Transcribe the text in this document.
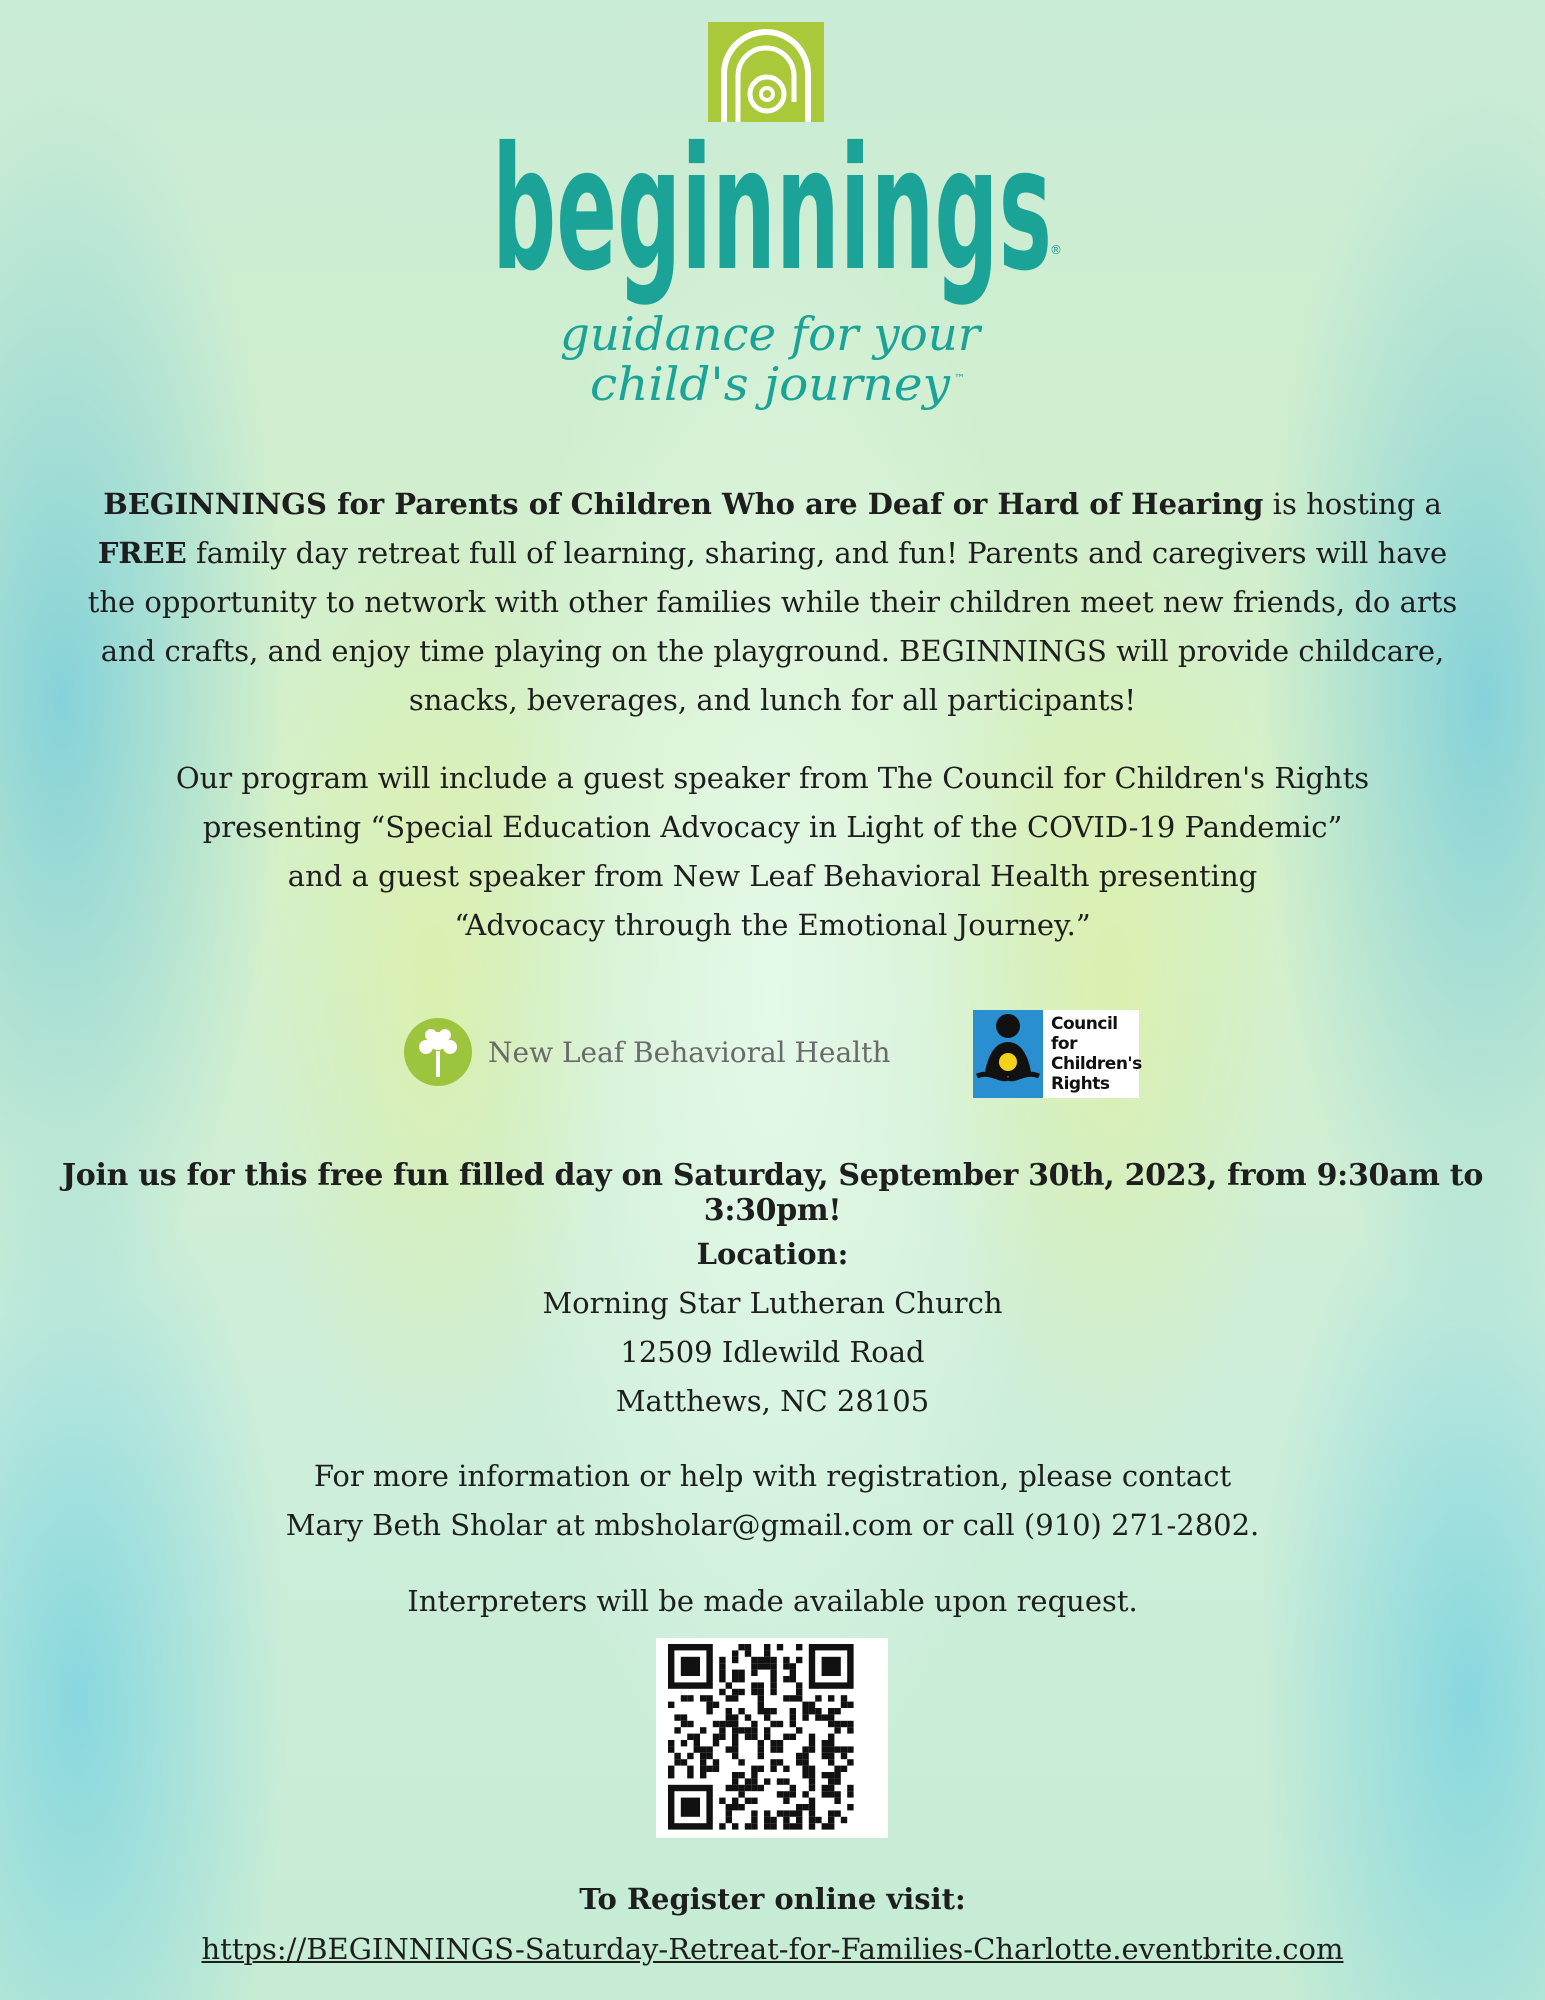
beginnings
®
guidance for your
child's journey ™
BEGINNINGS for Parents of Children Who are Deaf or Hard of Hearing is hosting a FREE family day retreat full of learning, sharing, and fun! Parents and caregivers will have the opportunity to network with other families while their children meet new friends, do arts and crafts, and enjoy time playing on the playground. BEGINNINGS will provide childcare, snacks, beverages, and lunch for all participants!
Our program will include a guest speaker from The Council for Children's Rights
presenting “Special Education Advocacy in Light of the COVID-19 Pandemic”
and a guest speaker from New Leaf Behavioral Health presenting
“Advocacy through the Emotional Journey.”
New Leaf Behavioral Health
Council for
Children's
Rights
Join us for this free fun filled day on Saturday, September 30th, 2023, from 9:30am to 3:30pm!
Location:
Morning Star Lutheran Church
12509 Idlewild Road
Matthews, NC 28105
For more information or help with registration, please contact
Mary Beth Sholar at mbsholar@gmail.com or call (910) 271-2802.
Interpreters will be made available upon request.
To Register online visit:
https://BEGINNINGS-Saturday-Retreat-for-Families-Charlotte.eventbrite.com
